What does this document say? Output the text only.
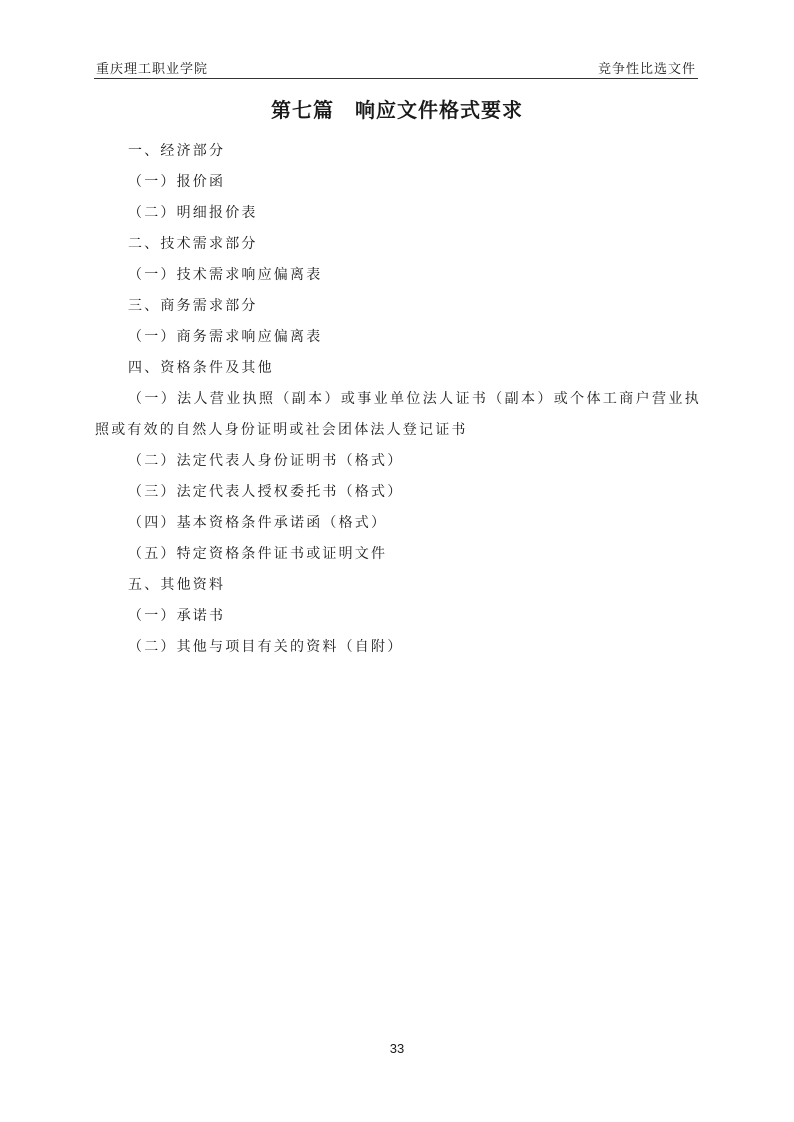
重庆理工职业学院	竞争性比选文件
第七篇　响应文件格式要求
一、经济部分
（一）报价函
（二）明细报价表
二、技术需求部分
（一）技术需求响应偏离表
三、商务需求部分
（一）商务需求响应偏离表
四、资格条件及其他
（一）法人营业执照（副本）或事业单位法人证书（副本）或个体工商户营业执照或有效的自然人身份证明或社会团体法人登记证书
（二）法定代表人身份证明书（格式）
（三）法定代表人授权委托书（格式）
（四）基本资格条件承诺函（格式）
（五）特定资格条件证书或证明文件
五、其他资料
（一）承诺书
（二）其他与项目有关的资料（自附）
33
